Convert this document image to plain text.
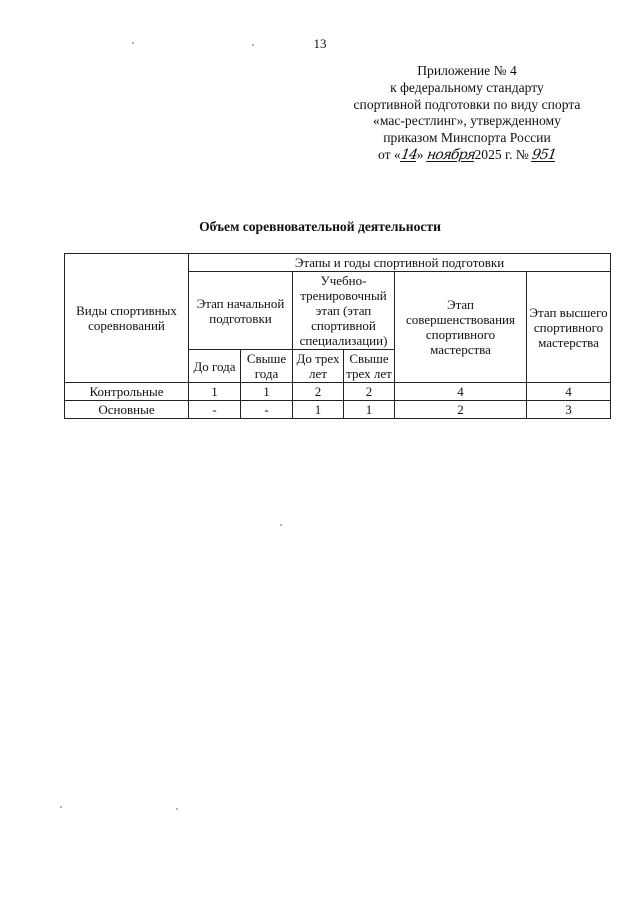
13
Приложение № 4
к федеральному стандарту
спортивной подготовки по виду спорта
«мас-рестлинг», утвержденному
приказом Минспорта России
от «14» ноября2025 г. № 951
Объем соревновательной деятельности
Виды спортивных соревнований	Этапы и годы спортивной подготовки					
	Этап начальной подготовки		Учебно-тренировочный этап (этап спортивной специализации)		Этап совершенствования спортивного мастерства	Этап высшего спортивного мастерства

	До года	Свыше года	До трех лет	Свыше трех лет		
Контрольные	1	1	2	2	4	4
Основные	-	-	1	1	2	3
